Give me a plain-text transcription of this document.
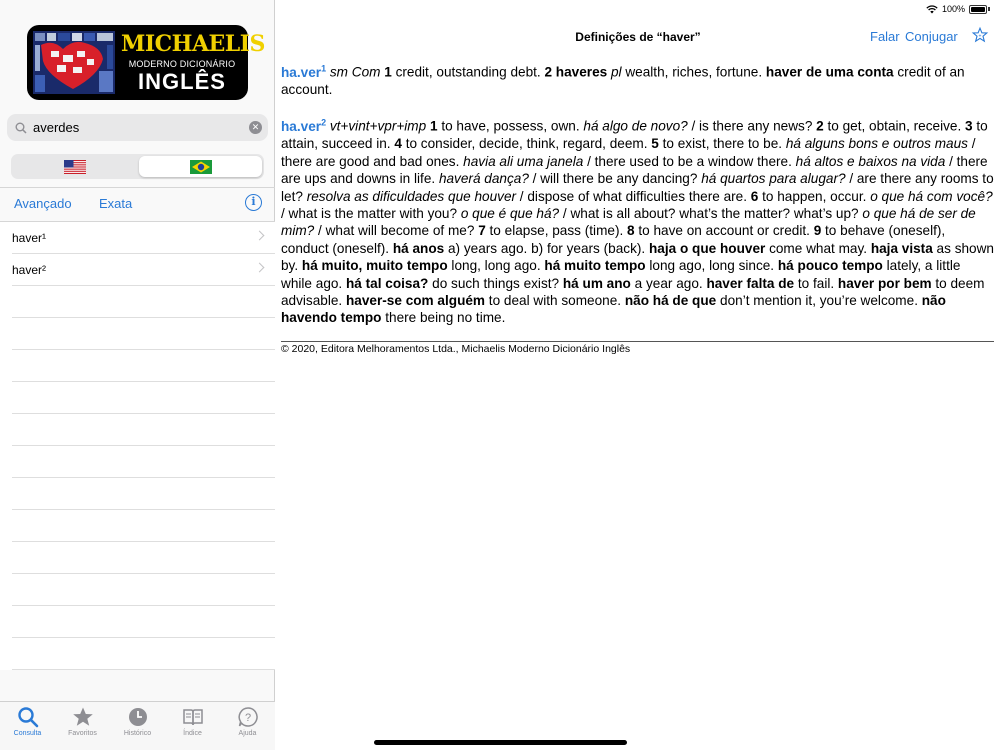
100%
MICHAELIS
MODERNO DICIONÁRIO
INGLÊS
averdes
✕
Avançado Exata	i
haver¹
haver²
Consulta	Favoritos	Histórico	Índice
?
Ajuda
Definições de “haver”	Falar Conjugar	+

ha.ver$^1$ sm Com 1 credit, outstanding debt. 2 haveres pl wealth, riches, fortune. haver de uma conta credit of an account.

ha.ver$^2$ vt+vint+vpr+imp 1 to have, possess, own. há algo de novo? / is there any news? 2 to get, obtain, receive. 3 to attain, succeed in. 4 to consider, decide, think, regard, deem. 5 to exist, there to be. há alguns bons e outros maus / there are good and bad ones. havia ali uma janela / there used to be a window there. há altos e baixos na vida / there are ups and downs in life. haverá dança? / will there be any dancing? há quartos para alugar? / are there any rooms to let? resolva as dificuldades que houver / dispose of what difficulties there are. 6 to happen, occur. o que há com você? / what is the matter with you? o que é que há? / what is all about? what’s the matter? what’s up? o que há de ser de mim? / what will become of me? 7 to elapse, pass (time). 8 to have on account or credit. 9 to behave (oneself), conduct (oneself). há anos a) years ago. b) for years (back). haja o que houver come what may. haja vista as shown by. há muito, muito tempo long, long ago. há muito tempo long ago, long since. há pouco tempo lately, a little while ago. há tal coisa? do such things exist? há um ano a year ago. haver falta de to fail. haver por bem to deem advisable. haver-se com alguém to deal with someone. não há de que don’t mention it, you’re welcome. não havendo tempo there being no time.

© 2020, Editora Melhoramentos Ltda., Michaelis Moderno Dicionário Inglês
